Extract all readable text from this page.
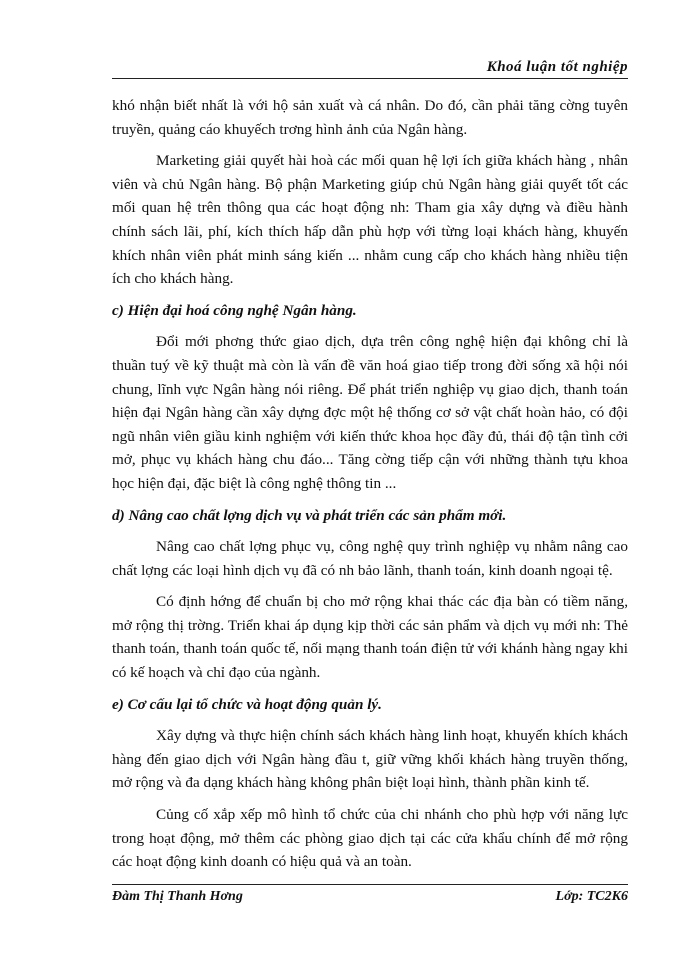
Khoá luận tốt nghiệp

khó nhận biết nhất là với hộ sản xuất và cá nhân. Do đó, cần phải tăng cờng tuyên truyền, quảng cáo khuyếch trơng hình ảnh của Ngân hàng.

Marketing giải quyết hài hoà các mối quan hệ lợi ích giữa khách hàng , nhân viên và chủ Ngân hàng. Bộ phận Marketing giúp chủ Ngân hàng giải quyết tốt các mối quan hệ trên thông qua các hoạt động nh: Tham gia xây dựng và điều hành chính sách lãi, phí, kích thích hấp dẫn phù hợp với từng loại khách hàng, khuyến khích nhân viên phát minh sáng kiến ... nhằm cung cấp cho khách hàng nhiều tiện ích cho khách hàng.

c) Hiện đại hoá công nghệ Ngân hàng.

Đổi mới phơng thức giao dịch, dựa trên công nghệ hiện đại không chỉ là thuần tuý về kỹ thuật mà còn là vấn đề văn hoá giao tiếp trong đời sống xã hội nói chung, lĩnh vực Ngân hàng nói riêng. Để phát triển nghiệp vụ giao dịch, thanh toán hiện đại Ngân hàng cần xây dựng đợc một hệ thống cơ sở vật chất hoàn hảo, có đội ngũ nhân viên giầu kinh nghiệm với kiến thức khoa học đầy đủ, thái độ tận tình cởi mở, phục vụ khách hàng chu đáo... Tăng cờng tiếp cận với những thành tựu khoa học hiện đại, đặc biệt là công nghệ thông tin ...

d) Nâng cao chất lợng dịch vụ và phát triển các sản phẩm mới.

Nâng cao chất lợng phục vụ, công nghệ quy trình nghiệp vụ nhằm nâng cao chất lợng các loại hình dịch vụ đã có nh bảo lãnh, thanh toán, kinh doanh ngoại tệ.

Có định hớng để chuẩn bị cho mở rộng khai thác các địa bàn có tiềm năng, mở rộng thị trờng. Triển khai áp dụng kịp thời các sản phẩm và dịch vụ mới nh: Thẻ thanh toán, thanh toán quốc tế, nối mạng thanh toán điện tử với khánh hàng ngay khi có kế hoạch và chỉ đạo của ngành.

e) Cơ cấu lại tổ chức và hoạt động quản lý.

Xây dựng và thực hiện chính sách khách hàng linh hoạt, khuyến khích khách hàng đến giao dịch với Ngân hàng đầu t, giữ vững khối khách hàng truyền thống, mở rộng và đa dạng khách hàng không phân biệt loại hình, thành phần kinh tế.

Củng cố xắp xếp mô hình tổ chức của chi nhánh cho phù hợp với năng lực trong hoạt động, mở thêm các phòng giao dịch tại các cửa khẩu chính để mở rộng các hoạt động kinh doanh có hiệu quả và an toàn.

Đàm Thị Thanh Hơng	Lớp: TC2K6
